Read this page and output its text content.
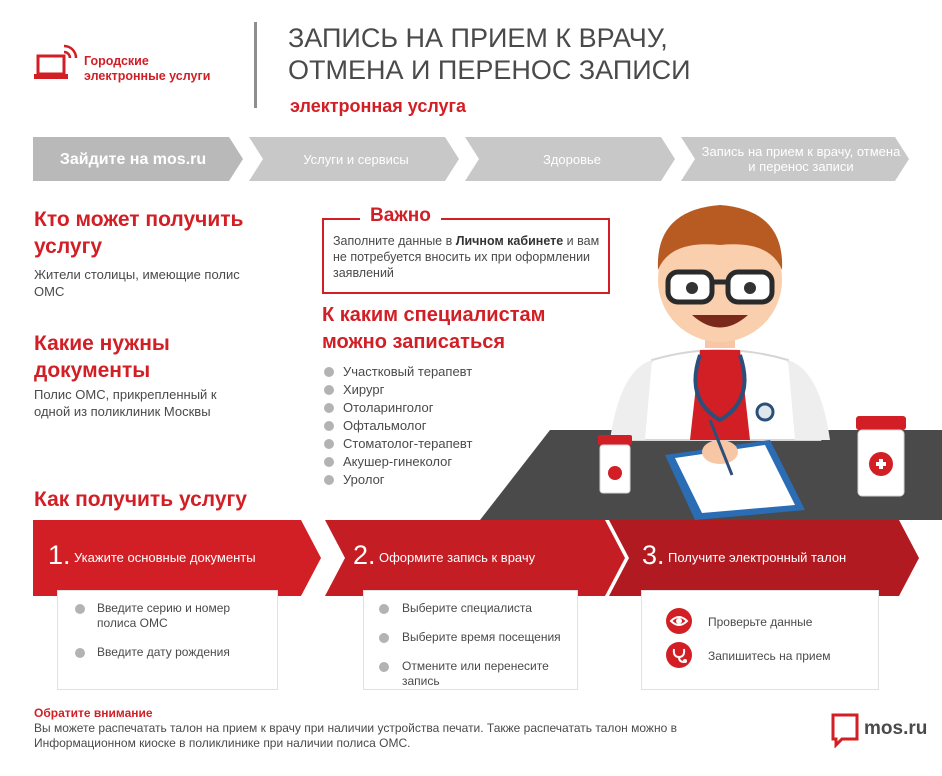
Городские
электронные услуги
ЗАПИСЬ НА ПРИЕМ К ВРАЧУ,
ОТМЕНА И ПЕРЕНОС ЗАПИСИ
электронная услуга
Зайдите на mos.ru	Услуги и сервисы	Здоровье	Запись на прием к врачу, отмена и перенос записи
Кто может получить услугу
Жители столицы, имеющие полис ОМС
Какие нужны документы
Полис ОМС, прикрепленный к одной из поликлиник Москвы
Важно
Заполните данные в Личном кабинете и вам не потребуется вносить их при оформлении заявлений
К каким специалистам можно записаться
Участковый терапевт
Хирург
Отоларинголог
Офтальмолог
Стоматолог-терапевт
Акушер-гинеколог
Уролог
Как получить услугу
1. Укажите основные документы	2. Оформите запись к врачу	3. Получите электронный талон
Введите серию и номер полиса ОМС
Введите дату рождения
Выберите специалиста
Выберите время посещения
Отмените или перенесите запись
Проверьте данные
Запишитесь на прием
Обратите внимание
Вы можете распечатать талон на прием к врачу при наличии устройства печати. Также распечатать талон можно в Информационном киоске в поликлинике при наличии полиса ОМС.
mos.ru
